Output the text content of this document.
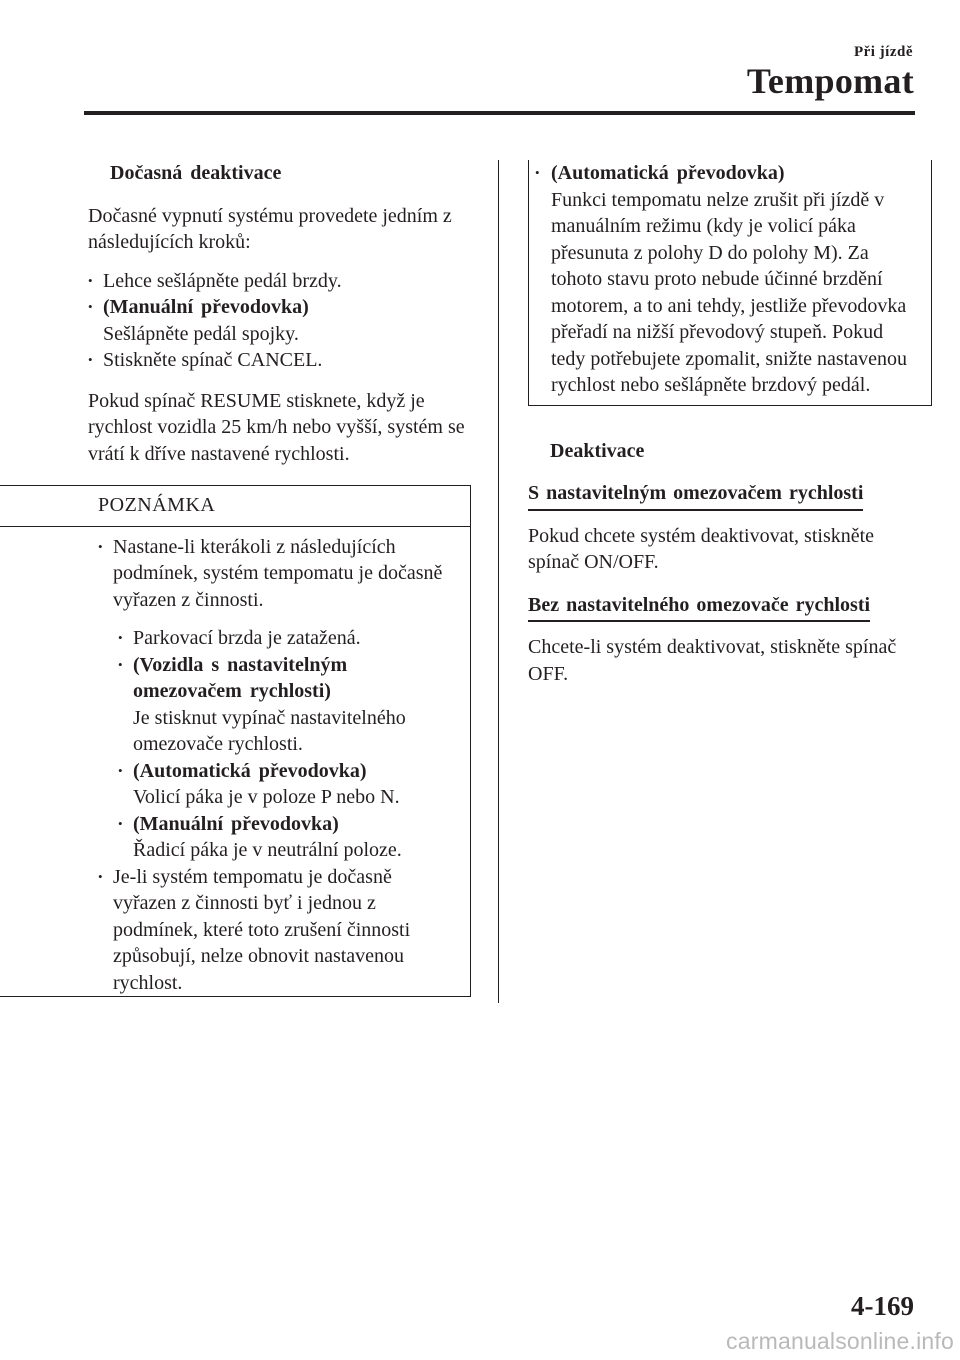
Při jízdě
Tempomat
Dočasná deaktivace
Dočasné vypnutí systému provedete jedním z následujících kroků:
• Lehce sešlápněte pedál brzdy.
• (Manuální převodovka)
Sešlápněte pedál spojky.
• Stiskněte spínač CANCEL.
Pokud spínač RESUME stisknete, když je rychlost vozidla 25 km/h nebo vyšší, systém se vrátí k dříve nastavené rychlosti.
POZNÁMKA
• Nastane-li kterákoli z následujících podmínek, systém tempomatu je dočasně vyřazen z činnosti.
• Parkovací brzda je zatažená.
• (Vozidla s nastavitelným omezovačem rychlosti)
Je stisknut vypínač nastavitelného omezovače rychlosti.
• (Automatická převodovka)
Volicí páka je v poloze P nebo N.
• (Manuální převodovka)
Řadicí páka je v neutrální poloze.
• Je-li systém tempomatu je dočasně vyřazen z činnosti byť i jednou z podmínek, které toto zrušení činnosti způsobují, nelze obnovit nastavenou rychlost.
• (Automatická převodovka)
Funkci tempomatu nelze zrušit při jízdě v manuálním režimu (kdy je volicí páka přesunuta z polohy D do polohy M). Za tohoto stavu proto nebude účinné brzdění motorem, a to ani tehdy, jestliže převodovka přeřadí na nižší převodový stupeň. Pokud tedy potřebujete zpomalit, snižte nastavenou rychlost nebo sešlápněte brzdový pedál.
Deaktivace
S nastavitelným omezovačem rychlosti
Pokud chcete systém deaktivovat, stiskněte spínač ON/OFF.
Bez nastavitelného omezovače rychlosti
Chcete-li systém deaktivovat, stiskněte spínač OFF.
4-169
carmanualsonline.info
